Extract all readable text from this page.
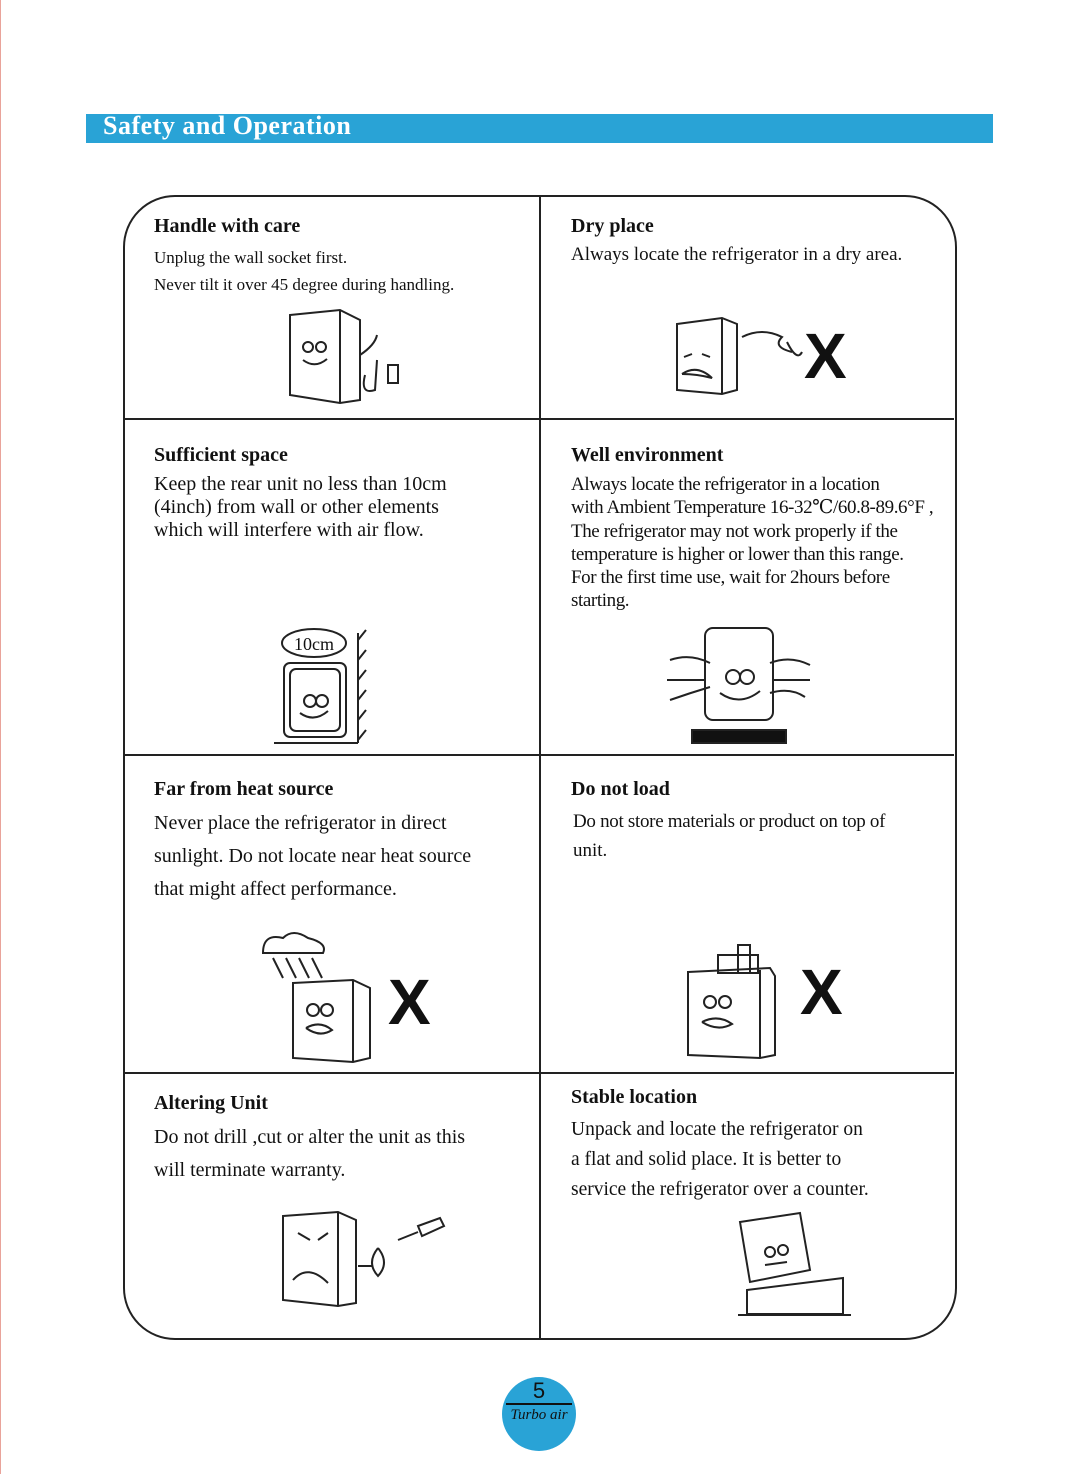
Safety and Operation
Handle with care
Unplug the wall socket first.
Never tilt it over 45 degree during handling.
Dry place
Always locate the refrigerator in a dry area.
X
Sufficient space
Keep the rear unit no less than 10cm
(4inch) from wall or other elements
which will interfere with air flow.
10cm
Well environment
Always locate the refrigerator in a location
with Ambient Temperature 16-32℃/60.8-89.6°F ,
The refrigerator may not work properly if the
temperature is higher or lower than this range.
For the first time use, wait for 2hours before
starting.
Far from heat source
Never place the refrigerator in direct
sunlight. Do not locate near heat source
that might affect performance.
X
Do not load
Do not store materials or product on top of
unit.
X
Altering Unit
Do not drill ,cut or alter the unit as this
will terminate warranty.
Stable location
Unpack and locate the refrigerator on
a flat and solid place. It is better to
service the refrigerator over a counter.
5
Turbo air
